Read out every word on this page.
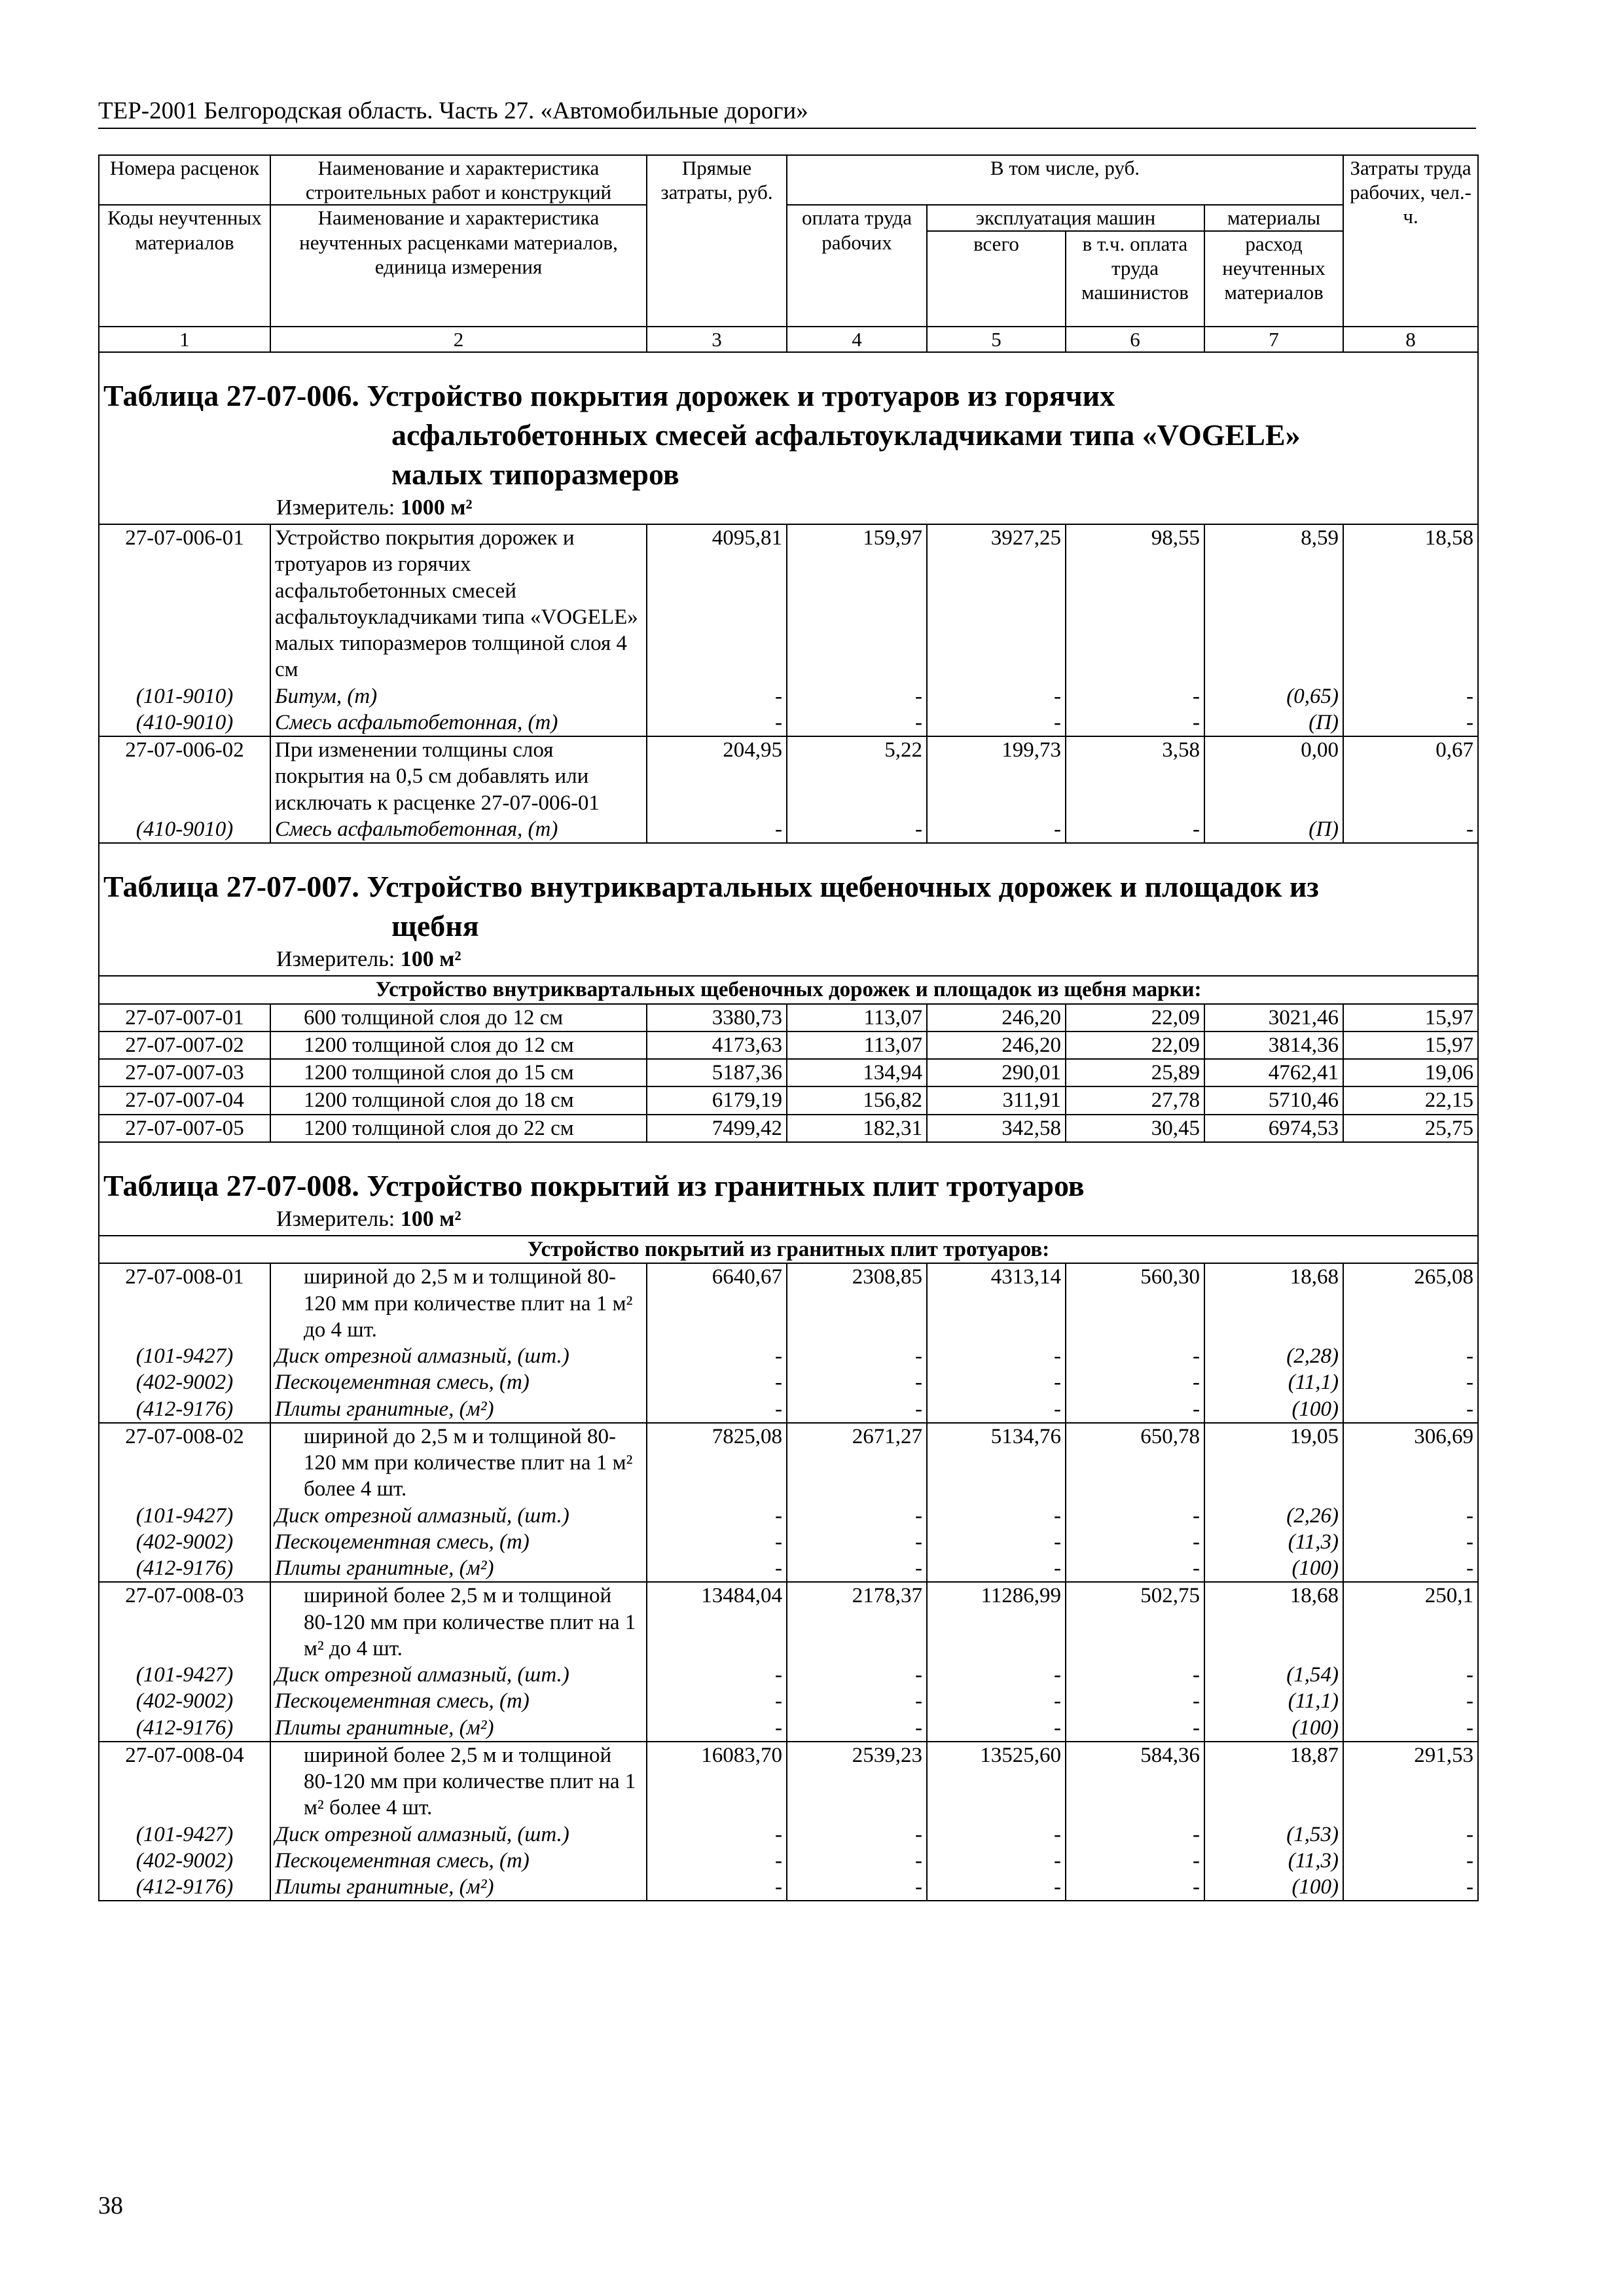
ТЕР-2001 Белгородская область. Часть 27. «Автомобильные дороги»
Номера расценок	Наименование и характеристика строительных работ и конструкций	Прямые затраты, руб.	В том числе, руб.				Затраты труда рабочих, чел.-ч.
Коды неучтенных материалов	Наименование и характеристика неучтенных расценками материалов, единица измерения		оплата труда рабочих	эксплуатация машин		материалы	
				всего	в т.ч. оплата труда машинистов	расход неучтенных материалов	
1	2	3	4	5	6	7	8
Таблица 27-07-006. Устройство покрытия дорожек и тротуаров из горячих
асфальтобетонных смесей асфальтоукладчиками типа «VOGELE»
малых типоразмеров							

Измеритель: 1000 м²							
27-07-006-01	Устройство покрытия дорожек и тротуаров из горячих асфальтобетонных смесей асфальтоукладчиками типа «VOGELE» малых типоразмеров толщиной слоя 4 см	4095,81	159,97	3927,25	98,55	8,59	18,58
(101-9010)	Битум, (т)	-	-	-	-	(0,65)	-
(410-9010)	Смесь асфальтобетонная, (т)	-	-	-	-	(П)	-
27-07-006-02	При изменении толщины слоя покрытия на 0,5 см добавлять или исключать к расценке 27-07-006-01	204,95	5,22	199,73	3,58	0,00	0,67
(410-9010)	Смесь асфальтобетонная, (т)	-	-	-	-	(П)	-
Таблица 27-07-007. Устройство внутриквартальных щебеночных дорожек и площадок из
щебня							

Измеритель: 100 м²							
Устройство внутриквартальных щебеночных дорожек и площадок из щебня марки:							
27-07-007-01	600 толщиной слоя до 12 см	3380,73	113,07	246,20	22,09	3021,46	15,97
27-07-007-02	1200 толщиной слоя до 12 см	4173,63	113,07	246,20	22,09	3814,36	15,97
27-07-007-03	1200 толщиной слоя до 15 см	5187,36	134,94	290,01	25,89	4762,41	19,06
27-07-007-04	1200 толщиной слоя до 18 см	6179,19	156,82	311,91	27,78	5710,46	22,15
27-07-007-05	1200 толщиной слоя до 22 см	7499,42	182,31	342,58	30,45	6974,53	25,75
Таблица 27-07-008. Устройство покрытий из гранитных плит тротуаров							
Измеритель: 100 м²							
Устройство покрытий из гранитных плит тротуаров:							
27-07-008-01	шириной до 2,5 м и толщиной 80-120 мм при количестве плит на 1 м² до 4 шт.	6640,67	2308,85	4313,14	560,30	18,68	265,08
(101-9427)	Диск отрезной алмазный, (шт.)	-	-	-	-	(2,28)	-
(402-9002)	Пескоцементная смесь, (т)	-	-	-	-	(11,1)	-
(412-9176)	Плиты гранитные, (м²)	-	-	-	-	(100)	-
27-07-008-02	шириной до 2,5 м и толщиной 80-120 мм при количестве плит на 1 м² более 4 шт.	7825,08	2671,27	5134,76	650,78	19,05	306,69
(101-9427)	Диск отрезной алмазный, (шт.)	-	-	-	-	(2,26)	-
(402-9002)	Пескоцементная смесь, (т)	-	-	-	-	(11,3)	-
(412-9176)	Плиты гранитные, (м²)	-	-	-	-	(100)	-
27-07-008-03	шириной более 2,5 м и толщиной 80-120 мм при количестве плит на 1 м² до 4 шт.	13484,04	2178,37	11286,99	502,75	18,68	250,1
(101-9427)	Диск отрезной алмазный, (шт.)	-	-	-	-	(1,54)	-
(402-9002)	Пескоцементная смесь, (т)	-	-	-	-	(11,1)	-
(412-9176)	Плиты гранитные, (м²)	-	-	-	-	(100)	-
27-07-008-04	шириной более 2,5 м и толщиной 80-120 мм при количестве плит на 1 м² более 4 шт.	16083,70	2539,23	13525,60	584,36	18,87	291,53
(101-9427)	Диск отрезной алмазный, (шт.)	-	-	-	-	(1,53)	-
(402-9002)	Пескоцементная смесь, (т)	-	-	-	-	(11,3)	-
(412-9176)	Плиты гранитные, (м²)	-	-	-	-	(100)	-
38
